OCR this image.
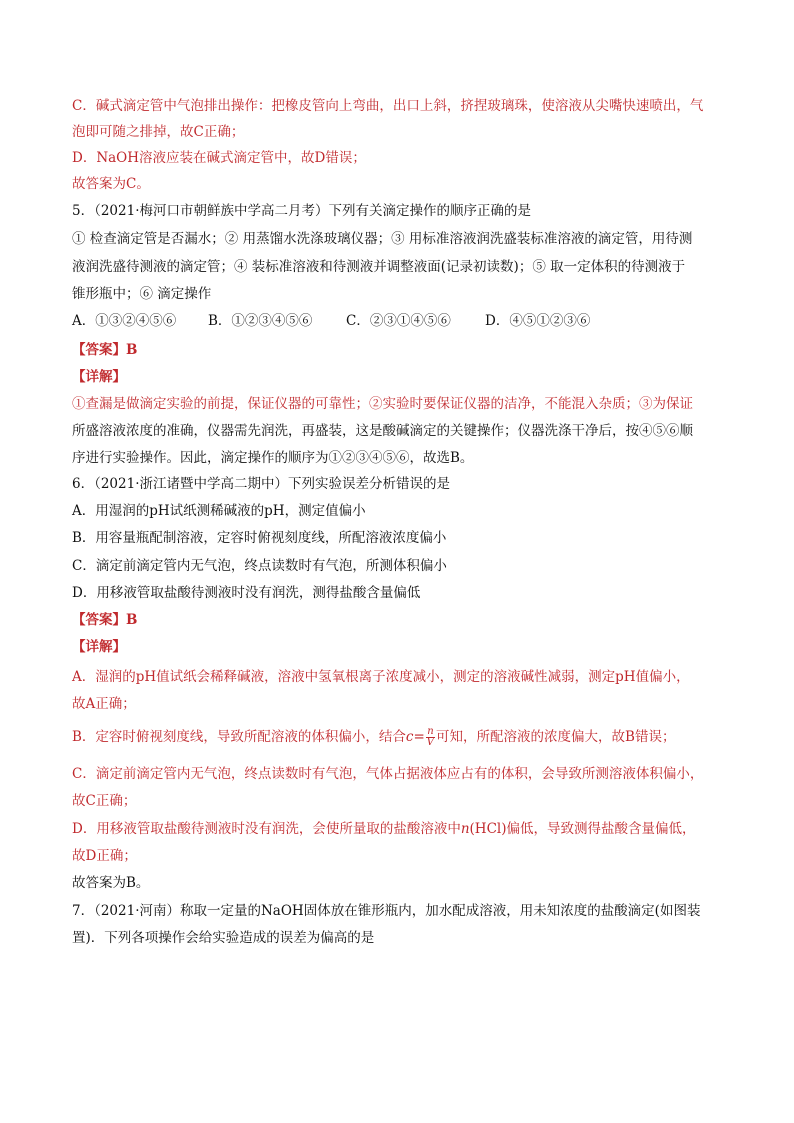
C．碱式滴定管中气泡排出操作：把橡皮管向上弯曲，出口上斜，挤捏玻璃珠，使溶液从尖嘴快速喷出，气
泡即可随之排掉，故C正确；
D．NaOH溶液应装在碱式滴定管中，故D错误；
故答案为C。
5．（2021·梅河口市朝鲜族中学高二月考）下列有关滴定操作的顺序正确的是
① 检查滴定管是否漏水；② 用蒸馏水洗涤玻璃仪器；③ 用标准溶液润洗盛装标准溶液的滴定管，用待测
液润洗盛待测液的滴定管；④ 装标准溶液和待测液并调整液面(记录初读数)；⑤ 取一定体积的待测液于
锥形瓶中；⑥ 滴定操作
A．①③②④⑤⑥	B．①②③④⑤⑥	C．②③①④⑤⑥	D．④⑤①②③⑥
【答案】B
【详解】
①查漏是做滴定实验的前提，保证仪器的可靠性；②实验时要保证仪器的洁净，不能混入杂质；③为保证
所盛溶液浓度的准确，仪器需先润洗，再盛装，这是酸碱滴定的关键操作；仪器洗涤干净后，按④⑤⑥顺
序进行实验操作。因此，滴定操作的顺序为①②③④⑤⑥，故选B。
6．（2021·浙江诸暨中学高二期中）下列实验误差分析错误的是
A．用湿润的pH试纸测稀碱液的pH，测定值偏小
B．用容量瓶配制溶液，定容时俯视刻度线，所配溶液浓度偏小
C．滴定前滴定管内无气泡，终点读数时有气泡，所测体积偏小
D．用移液管取盐酸待测液时没有润洗，测得盐酸含量偏低
【答案】B
【详解】
A．湿润的pH值试纸会稀释碱液，溶液中氢氧根离子浓度减小，测定的溶液碱性减弱，测定pH值偏小，
故A正确；
B．定容时俯视刻度线，导致所配溶液的体积偏小，结合$c= \frac{n}{V}$ 可知，所配溶液的浓度偏大，故B错误；
C．滴定前滴定管内无气泡，终点读数时有气泡，气体占据液体应占有的体积，会导致所测溶液体积偏小，
故C正确；
D．用移液管取盐酸待测液时没有润洗，会使所量取的盐酸溶液中n(HCl)偏低，导致测得盐酸含量偏低，
故D正确；
故答案为B。
7．（2021·河南）称取一定量的NaOH固体放在锥形瓶内，加水配成溶液，用未知浓度的盐酸滴定(如图装
置)．下列各项操作会给实验造成的误差为偏高的是
